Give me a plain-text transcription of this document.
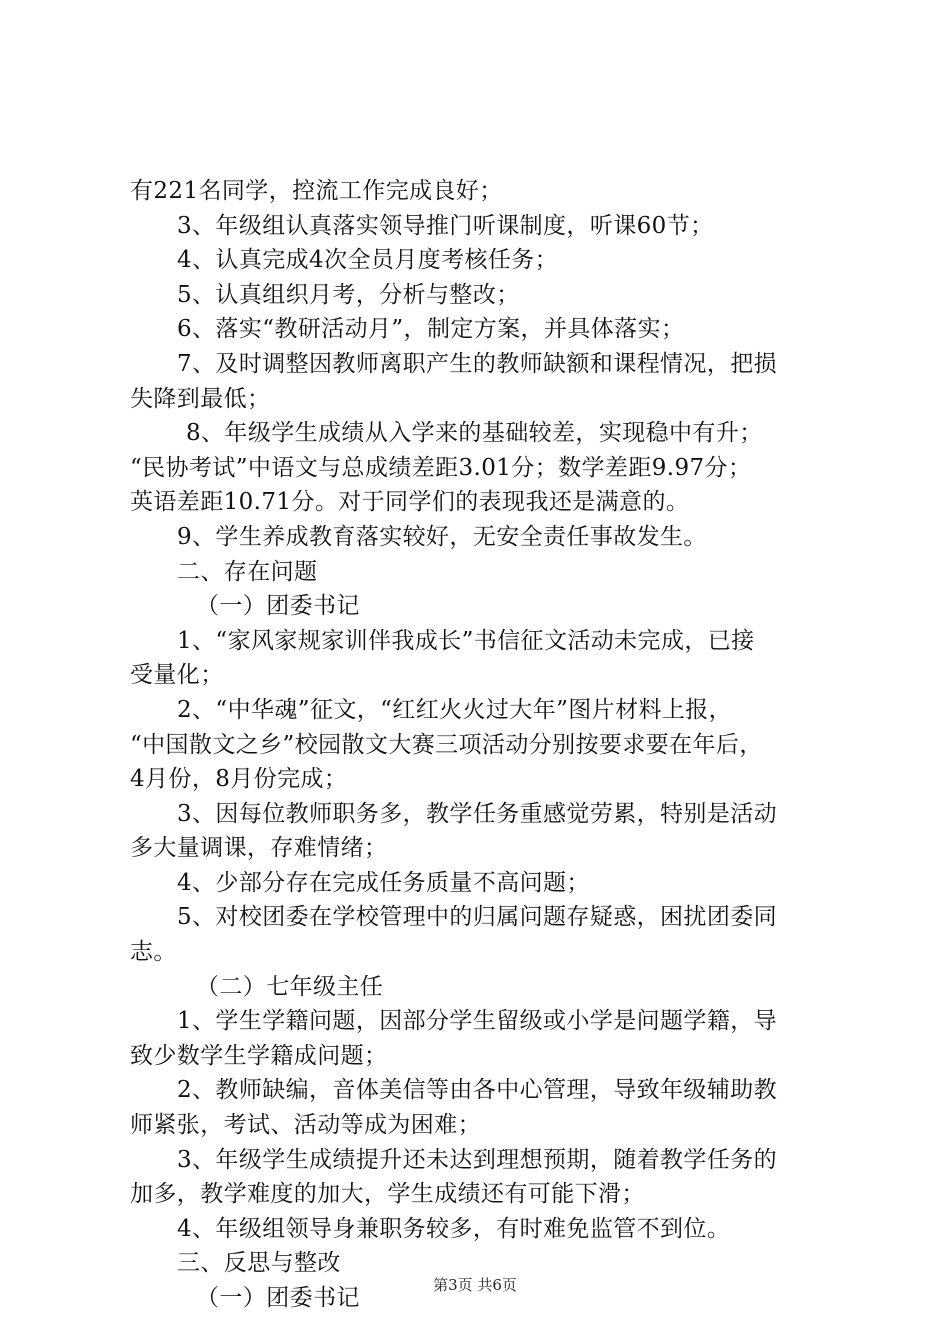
有221名同学，控流工作完成良好；
3、年级组认真落实领导推门听课制度，听课60节；
4、认真完成4次全员月度考核任务；
5、认真组织月考，分析与整改；
6、落实“教研活动月”，制定方案，并具体落实；
7、及时调整因教师离职产生的教师缺额和课程情况，把损
失降到最低；
8、年级学生成绩从入学来的基础较差，实现稳中有升；
“民协考试”中语文与总成绩差距3.01分；数学差距9.97分；
英语差距10.71分。对于同学们的表现我还是满意的。
9、学生养成教育落实较好，无安全责任事故发生。
二、存在问题
（一）团委书记
1、“家风家规家训伴我成长”书信征文活动未完成，已接
受量化；
2、“中华魂”征文，“红红火火过大年”图片材料上报，
“中国散文之乡”校园散文大赛三项活动分别按要求要在年后，
4月份，8月份完成；
3、因每位教师职务多，教学任务重感觉劳累，特别是活动
多大量调课，存难情绪；
4、少部分存在完成任务质量不高问题；
5、对校团委在学校管理中的归属问题存疑惑，困扰团委同
志。
（二）七年级主任
1、学生学籍问题，因部分学生留级或小学是问题学籍，导
致少数学生学籍成问题；
2、教师缺编，音体美信等由各中心管理，导致年级辅助教
师紧张，考试、活动等成为困难；
3、年级学生成绩提升还未达到理想预期，随着教学任务的
加多，教学难度的加大，学生成绩还有可能下滑；
4、年级组领导身兼职务较多，有时难免监管不到位。
三、反思与整改
（一）团委书记	第3页 共6页
